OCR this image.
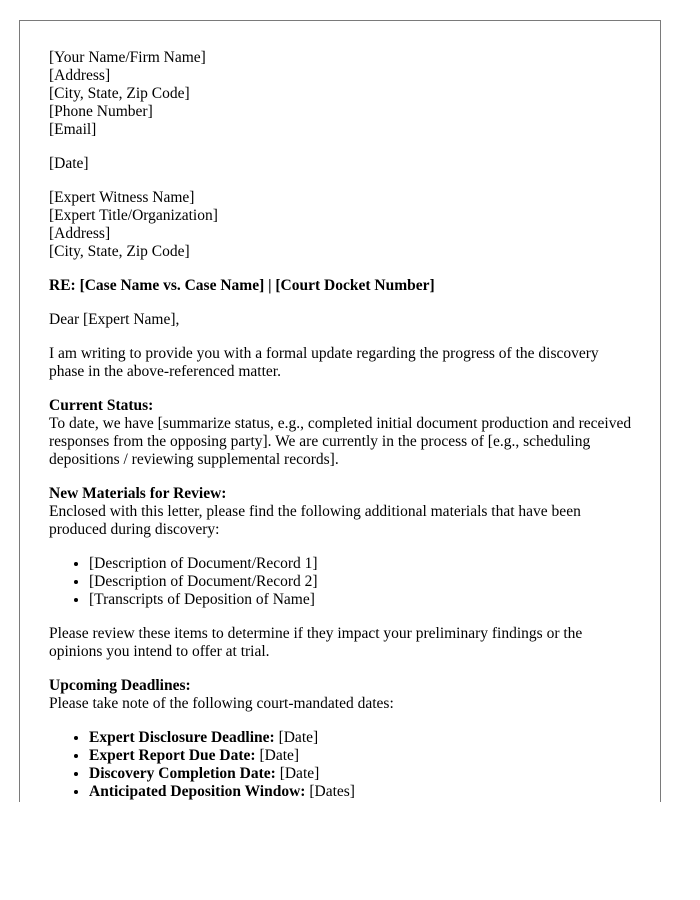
[Your Name/Firm Name]
[Address]
[City, State, Zip Code]
[Phone Number]
[Email]

[Date]

[Expert Witness Name]
[Expert Title/Organization]
[Address]
[City, State, Zip Code]

RE: [Case Name vs. Case Name] | [Court Docket Number]

Dear [Expert Name],

I am writing to provide you with a formal update regarding the progress of the discovery phase in the above-referenced matter.

Current Status:
To date, we have [summarize status, e.g., completed initial document production and received responses from the opposing party]. We are currently in the process of [e.g., scheduling depositions / reviewing supplemental records].
New Materials for Review:
Enclosed with this letter, please find the following additional materials that have been produced during discovery:
• [Description of Document/Record 1]
• [Description of Document/Record 2]
• [Transcripts of Deposition of Name]

Please review these items to determine if they impact your preliminary findings or the opinions you intend to offer at trial.

Upcoming Deadlines:
Please take note of the following court-mandated dates:
• Expert Disclosure Deadline: [Date]
• Expert Report Due Date: [Date]
• Discovery Completion Date: [Date]
• Anticipated Deposition Window: [Dates]
